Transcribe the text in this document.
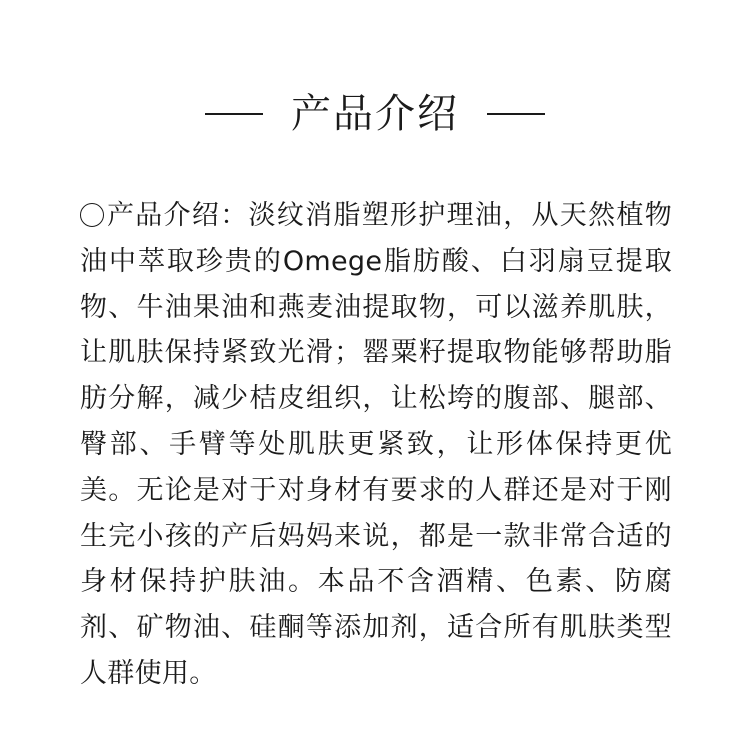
产品介绍

产品介绍：淡纹消脂塑形护理油，从天然植物油中萃取珍贵的Omege脂肪酸、白羽扇豆提取物、牛油果油和燕麦油提取物，可以滋养肌肤，让肌肤保持紧致光滑；罂粟籽提取物能够帮助脂肪分解，减少桔皮组织，让松垮的腹部、腿部、臀部、手臂等处肌肤更紧致，让形体保持更优美。无论是对于对身材有要求的人群还是对于刚生完小孩的产后妈妈来说，都是一款非常合适的身材保持护肤油。本品不含酒精、色素、防腐剂、矿物油、硅酮等添加剂，适合所有肌肤类型人群使用。
